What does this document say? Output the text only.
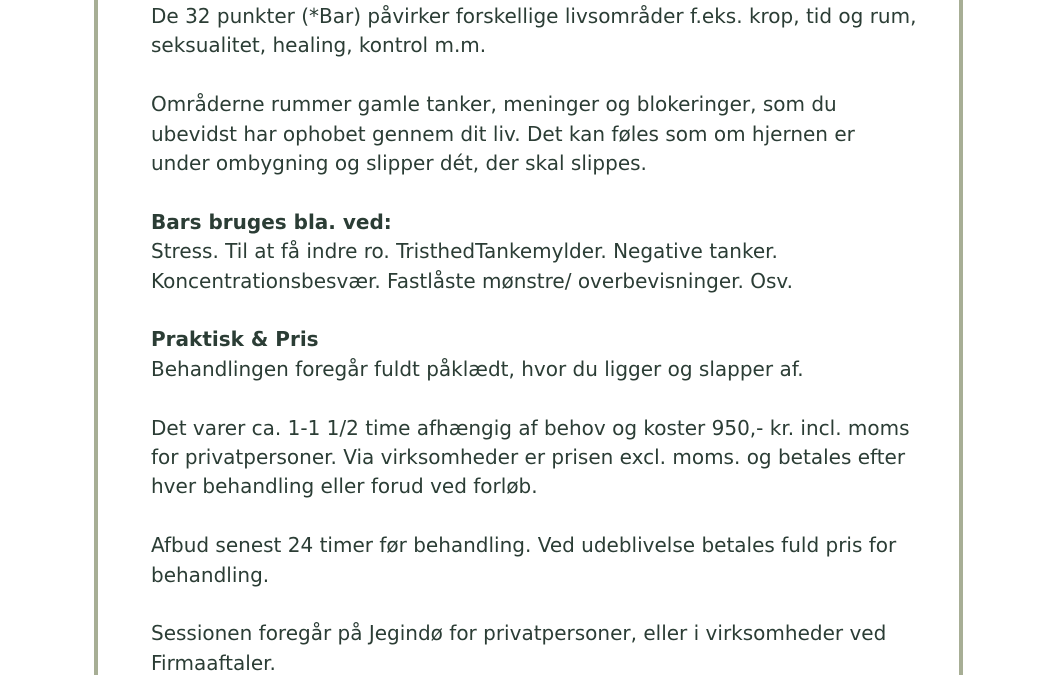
De 32 punkter (*Bar) påvirker forskellige livsområder f.eks. krop, tid og rum,

seksualitet, healing, kontrol m.m.

Områderne rummer gamle tanker, meninger og blokeringer, som du

ubevidst har ophobet gennem dit liv. Det kan føles som om hjernen er

under ombygning og slipper dét, der skal slippes.

Bars bruges bla. ved:

Stress. Til at få indre ro. TristhedTankemylder. Negative tanker.

Koncentrationsbesvær. Fastlåste mønstre/ overbevisninger. Osv.

Praktisk & Pris

Behandlingen foregår fuldt påklædt, hvor du ligger og slapper af.

Det varer ca. 1-1 1/2 time afhængig af behov og koster 950,- kr. incl. moms

for privatpersoner. Via virksomheder er prisen excl. moms. og betales efter

hver behandling eller forud ved forløb.

Afbud senest 24 timer før behandling. Ved udeblivelse betales fuld pris for

behandling.

Sessionen foregår på Jegindø for privatpersoner, eller i virksomheder ved

Firmaaftaler.
